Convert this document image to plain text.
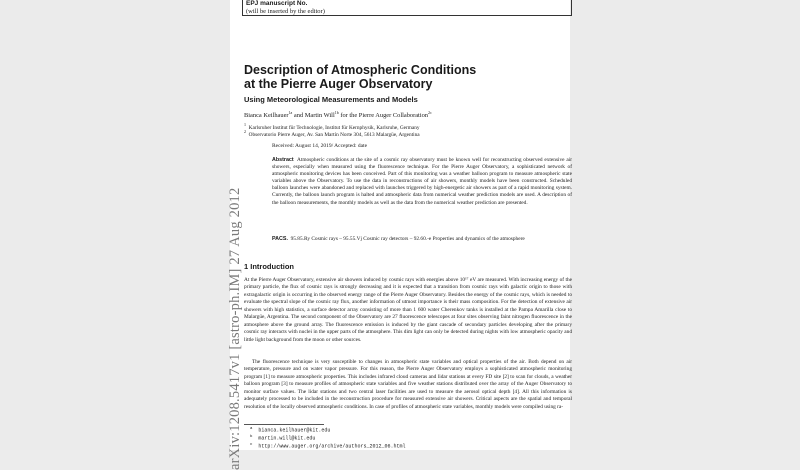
arXiv:1208.5417v1 [astro-ph.IM] 27 Aug 2012
EPJ manuscript No.
(will be inserted by the editor)
Description of Atmospheric Conditions
at the Pierre Auger Observatory
Using Meteorological Measurements and Models
Bianca Keilhauer$^{1a}$ and Martin Will$^{1b}$ for the Pierre Auger Collaboration$^{2c}$
$^1$  Karlsruher Institut für Technologie, Institut für Kernphysik, Karlsruhe, Germany
$^2$  Observatorio Pierre Auger, Av. San Martín Norte 304, 5613 Malargüe, Argentina
Received: August 14, 2019/ Accepted: date
Abstract Atmospheric conditions at the site of a cosmic ray observatory must be known well for reconstructing observed extensive air showers, especially when measured using the fluorescence technique. For the Pierre Auger Observatory, a sophisticated network of atmospheric monitoring devices has been conceived. Part of this monitoring was a weather balloon program to measure atmospheric state variables above the Observatory. To use the data in reconstructions of air showers, monthly models have been constructed. Scheduled balloon launches were abandoned and replaced with launches triggered by high-energetic air showers as part of a rapid monitoring system. Currently, the balloon launch program is halted and atmospheric data from numerical weather prediction models are used. A description of the balloon measurements, the monthly models as well as the data from the numerical weather prediction are presented.
PACS. 95.85.Ry Cosmic rays – 95.55.Vj Cosmic ray detectors – 92.60.-e Properties and dynamics of the atmosphere
1 Introduction
At the Pierre Auger Observatory, extensive air showers induced by cosmic rays with energies above 10¹⁷ eV are measured. With increasing energy of the primary particle, the flux of cosmic rays is strongly decreasing and it is expected that a transition from cosmic rays with galactic origin to those with extragalactic origin is occurring in the observed energy range of the Pierre Auger Observatory. Besides the energy of the cosmic rays, which is needed to evaluate the spectral slope of the cosmic ray flux, another information of utmost importance is their mass composition. For the detection of extensive air showers with high statistics, a surface detector array consisting of more than 1 600 water Cherenkov tanks is installed at the Pampa Amarilla close to Malargüe, Argentina. The second component of the Observatory are 27 fluorescence telescopes at four sites observing faint nitrogen fluorescence in the atmosphere above the ground array. The fluorescence emission is induced by the giant cascade of secondary particles developing after the primary cosmic ray interacts with nuclei in the upper parts of the atmosphere. This dim light can only be detected during nights with low atmospheric opacity and little light background from the moon or other sources.
The fluorescence technique is very susceptible to changes in atmospheric state variables and optical properties of the air. Both depend on air temperature, pressure and on water vapor pressure. For this reason, the Pierre Auger Observatory employs a sophisticated atmospheric monitoring program [1] to measure atmospheric properties. This includes infrared cloud cameras and lidar stations at every FD site [2] to scan for clouds, a weather balloon program [3] to measure profiles of atmospheric state variables and five weather stations distributed over the array of the Auger Observatory to monitor surface values. The lidar stations and two central laser facilities are used to measure the aerosol optical depth [4]. All this information is adequately processed to be included in the reconstruction procedure for measured extensive air showers. Critical aspects are the spatial and temporal resolution of the locally observed atmospheric conditions. In case of profiles of atmospheric state variables, monthly models were compiled using ra-
$^a$ bianca.keilhauer@kit.edu
$^b$ martin.will@kit.edu
$^c$ http://www.auger.org/archive/authors_2012_06.html
